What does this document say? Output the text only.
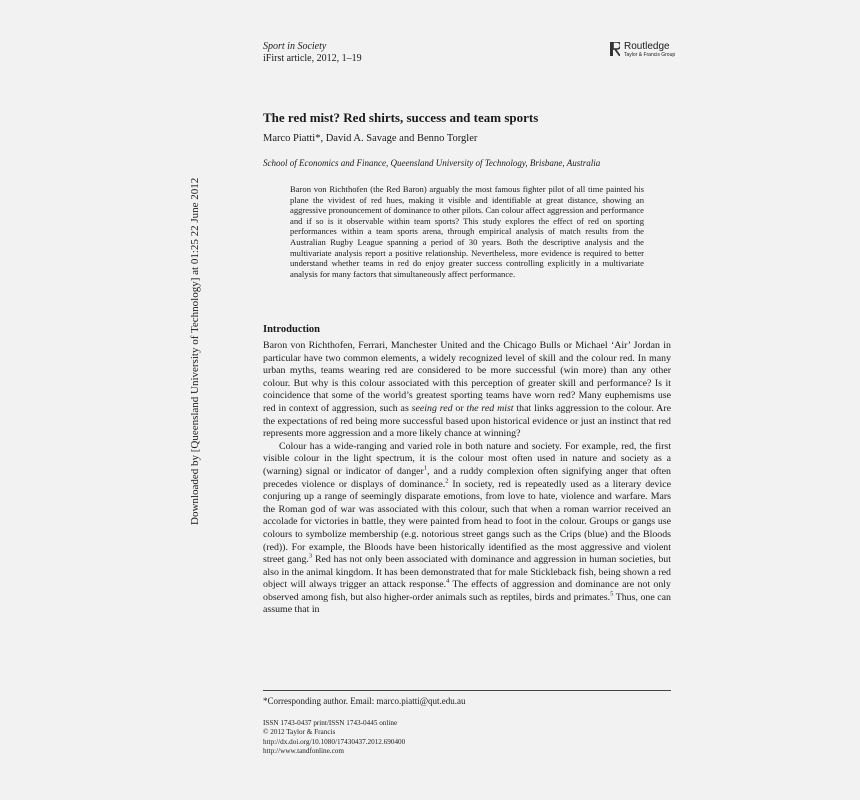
Sport in Society
iFirst article, 2012, 1–19
Routledge
Taylor & Francis Group
The red mist? Red shirts, success and team sports
Marco Piatti*, David A. Savage and Benno Torgler
School of Economics and Finance, Queensland University of Technology, Brisbane, Australia
Baron von Richthofen (the Red Baron) arguably the most famous fighter pilot of all time painted his plane the vividest of red hues, making it visible and identifiable at great distance, showing an aggressive pronouncement of dominance to other pilots. Can colour affect aggression and performance and if so is it observable within team sports? This study explores the effect of red on sporting performances within a team sports arena, through empirical analysis of match results from the Australian Rugby League spanning a period of 30 years. Both the descriptive analysis and the multivariate analysis report a positive relationship. Nevertheless, more evidence is required to better understand whether teams in red do enjoy greater success controlling explicitly in a multivariate analysis for many factors that simultaneously affect performance.
Downloaded by [Queensland University of Technology] at 01:25 22 June 2012	Introduction

Baron von Richthofen, Ferrari, Manchester United and the Chicago Bulls or Michael ‘Air’ Jordan in particular have two common elements, a widely recognized level of skill and the colour red. In many urban myths, teams wearing red are considered to be more successful (win more) than any other colour. But why is this colour associated with this perception of greater skill and performance? Is it coincidence that some of the world’s greatest sporting teams have worn red? Many euphemisms use red in context of aggression, such as seeing red or the red mist that links aggression to the colour. Are the expectations of red being more successful based upon historical evidence or just an instinct that red represents more aggression and a more likely chance at winning?

Colour has a wide-ranging and varied role in both nature and society. For example, red, the first visible colour in the light spectrum, it is the colour most often used in nature and society as a (warning) signal or indicator of danger$^1$, and a ruddy complexion often signifying anger that often precedes violence or displays of dominance.$^2$ In society, red is repeatedly used as a literary device conjuring up a range of seemingly disparate emotions, from love to hate, violence and warfare. Mars the Roman god of war was associated with this colour, such that when a roman warrior received an accolade for victories in battle, they were painted from head to foot in the colour. Groups or gangs use colours to symbolize membership (e.g. notorious street gangs such as the Crips (blue) and the Bloods (red)). For example, the Bloods have been historically identified as the most aggressive and violent street gang.$^3$ Red has not only been associated with dominance and aggression in human societies, but also in the animal kingdom. It has been demonstrated that for male Stickleback fish, being shown a red object will always trigger an attack response.$^4$ The effects of aggression and dominance are not only observed among fish, but also higher-order animals such as reptiles, birds and primates.$^5$ Thus, one can assume that in

*Corresponding author. Email: marco.piatti@qut.edu.au
ISSN 1743-0437 print/ISSN 1743-0445 online
© 2012 Taylor & Francis
http://dx.doi.org/10.1080/17430437.2012.690400
http://www.tandfonline.com
